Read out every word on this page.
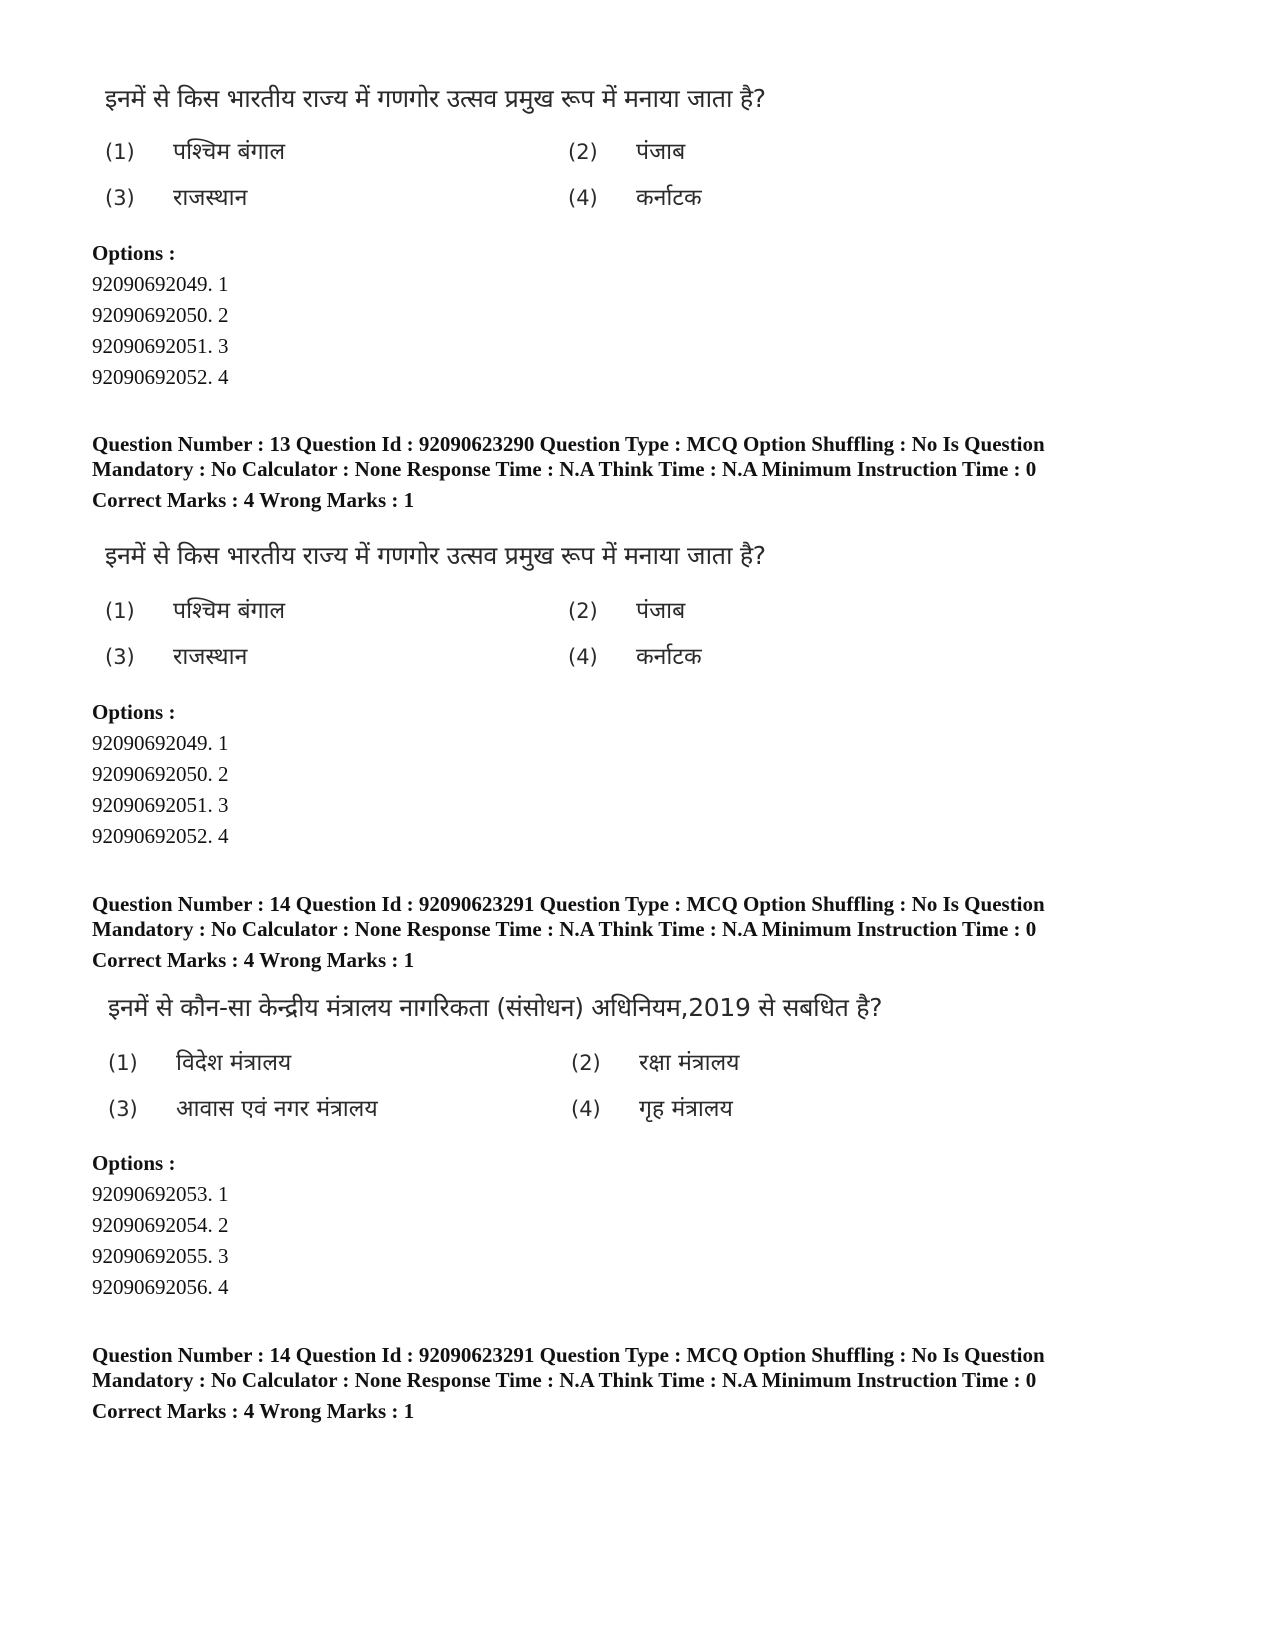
इनमें से किस भारतीय राज्य में गणगोर उत्सव प्रमुख रूप में मनाया जाता है?
(1) पश्चिम बंगाल	(2) पंजाब
(3) राजस्थान	(4) कर्नाटक
Options :
92090692049. 1
92090692050. 2
92090692051. 3
92090692052. 4
Question Number : 13 Question Id : 92090623290 Question Type : MCQ Option Shuffling : No Is Question
Mandatory : No Calculator : None Response Time : N.A Think Time : N.A Minimum Instruction Time : 0
Correct Marks : 4 Wrong Marks : 1
इनमें से किस भारतीय राज्य में गणगोर उत्सव प्रमुख रूप में मनाया जाता है?
(1) पश्चिम बंगाल	(2) पंजाब
(3) राजस्थान	(4) कर्नाटक
Options :
92090692049. 1
92090692050. 2
92090692051. 3
92090692052. 4
Question Number : 14 Question Id : 92090623291 Question Type : MCQ Option Shuffling : No Is Question
Mandatory : No Calculator : None Response Time : N.A Think Time : N.A Minimum Instruction Time : 0
Correct Marks : 4 Wrong Marks : 1
इनमें से कौन-सा केन्द्रीय मंत्रालय नागरिकता (संसोधन) अधिनियम,2019 से सबधित है?
(1) विदेश मंत्रालय	(2) रक्षा मंत्रालय
(3) आवास एवं नगर मंत्रालय	(4) गृह मंत्रालय
Options :
92090692053. 1
92090692054. 2
92090692055. 3
92090692056. 4
Question Number : 14 Question Id : 92090623291 Question Type : MCQ Option Shuffling : No Is Question
Mandatory : No Calculator : None Response Time : N.A Think Time : N.A Minimum Instruction Time : 0
Correct Marks : 4 Wrong Marks : 1
